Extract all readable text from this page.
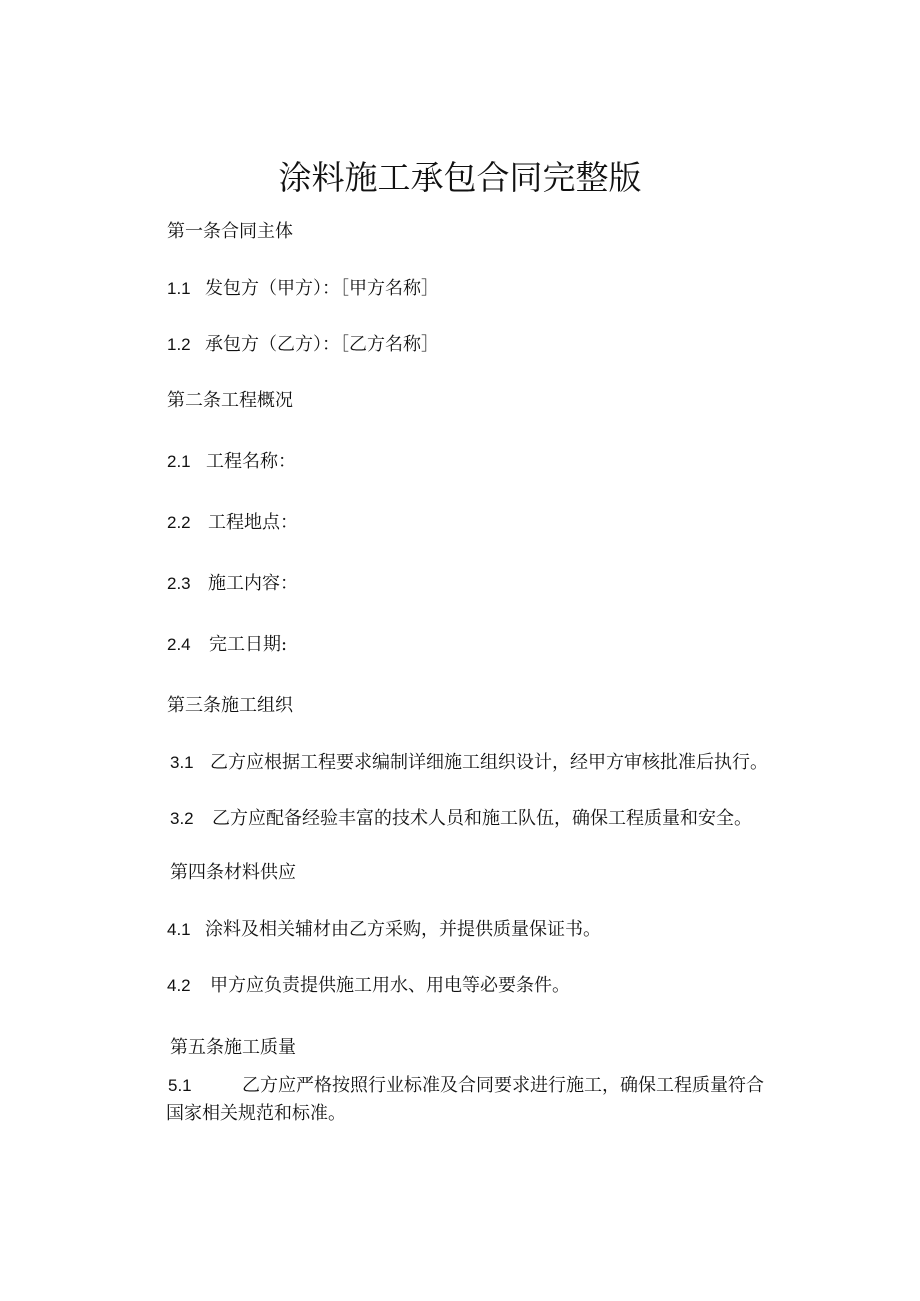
涂料施工承包合同完整版
第一条合同主体
1.1 发包方（甲方）：［甲方名称］
1.2 承包方（乙方）：［乙方名称］
第二条工程概况
2.1 工程名称：
2.2 工程地点：
2.3 施工内容：
2.4 完工日期:
第三条施工组织
3.1 乙方应根据工程要求编制详细施工组织设计，经甲方审核批准后执行。
3.2 乙方应配备经验丰富的技术人员和施工队伍，确保工程质量和安全。
第四条材料供应
4.1 涂料及相关辅材由乙方采购，并提供质量保证书。
4.2 甲方应负责提供施工用水、用电等必要条件。
第五条施工质量
5.1	乙方应严格按照行业标准及合同要求进行施工，确保工程质量符合
国家相关规范和标准。
